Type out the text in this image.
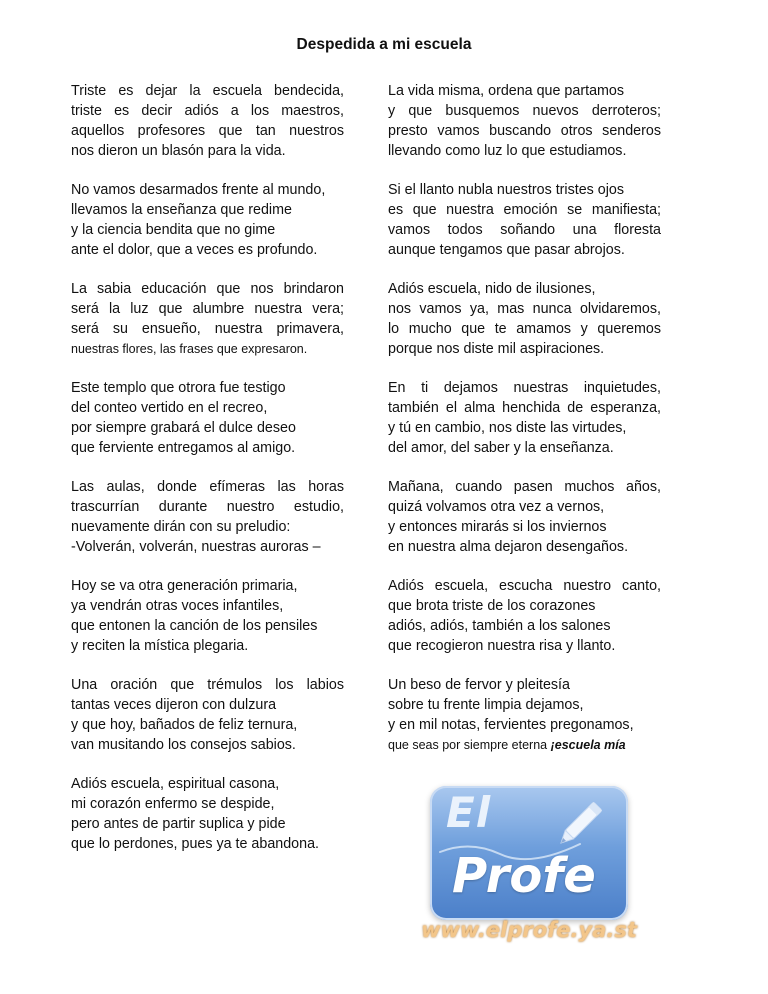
Despedida a mi escuela
Triste es dejar la escuela bendecida,
triste es decir adiós a los maestros,
aquellos profesores que tan nuestros
nos dieron un blasón para la vida.
No vamos desarmados frente al mundo,
llevamos la enseñanza que redime
y la ciencia bendita que no gime
ante el dolor, que a veces es profundo.
La sabia educación que nos brindaron
será la luz que alumbre nuestra vera;
será su ensueño, nuestra primavera,
nuestras flores, las frases que expresaron.
Este templo que otrora fue testigo
del conteo vertido en el recreo,
por siempre grabará el dulce deseo
que ferviente entregamos al amigo.
Las aulas, donde efímeras las horas
trascurrían durante nuestro estudio,
nuevamente dirán con su preludio:
-Volverán, volverán, nuestras auroras –
Hoy se va otra generación primaria,
ya vendrán otras voces infantiles,
que entonen la canción de los pensiles
y reciten la mística plegaria.
Una oración que trémulos los labios
tantas veces dijeron con dulzura
y que hoy, bañados de feliz ternura,
van musitando los consejos sabios.
Adiós escuela, espiritual casona,
mi corazón enfermo se despide,
pero antes de partir suplica y pide
que lo perdones, pues ya te abandona.
La vida misma, ordena que partamos
y que busquemos nuevos derroteros;
presto vamos buscando otros senderos
llevando como luz lo que estudiamos.
Si el llanto nubla nuestros tristes ojos
es que nuestra emoción se manifiesta;
vamos todos soñando una floresta
aunque tengamos que pasar abrojos.
Adiós escuela, nido de ilusiones,
nos vamos ya, mas nunca olvidaremos,
lo mucho que te amamos y queremos
porque nos diste mil aspiraciones.
En ti dejamos nuestras inquietudes,
también el alma henchida de esperanza,
y tú en cambio, nos diste las virtudes,
del amor, del saber y la enseñanza.
Mañana, cuando pasen muchos años,
quizá volvamos otra vez a vernos,
y entonces mirarás si los inviernos
en nuestra alma dejaron desengaños.
Adiós escuela, escucha nuestro canto,
que brota triste de los corazones
adiós, adiós, también a los salones
que recogieron nuestra risa y llanto.
Un beso de fervor y pleitesía
sobre tu frente limpia dejamos,
y en mil notas, fervientes pregonamos,
que seas por siempre eterna ¡escuela mía
El
Profe
www.elprofe.ya.st
